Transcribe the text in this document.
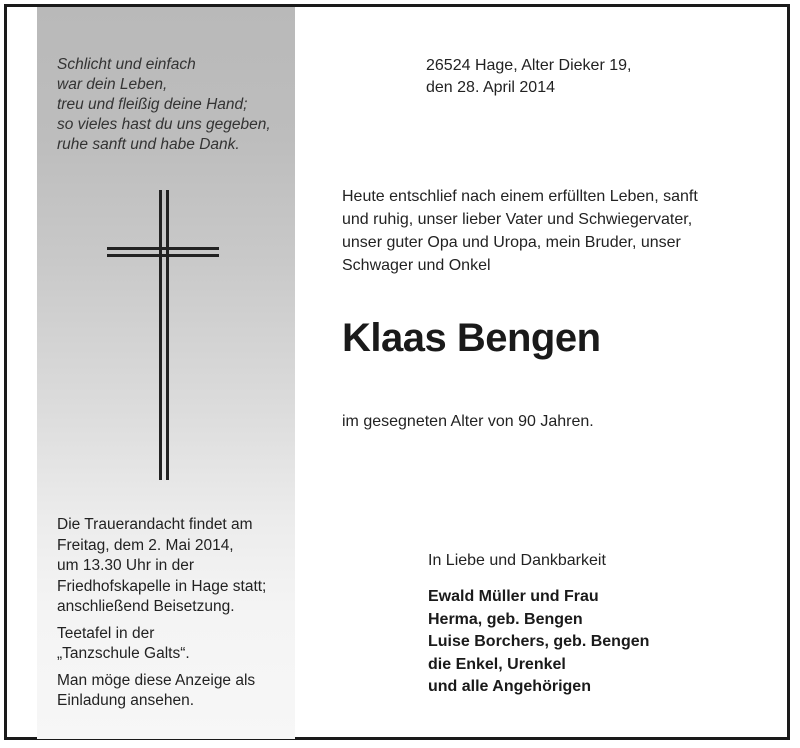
Schlicht und einfach
war dein Leben,
treu und fleißig deine Hand;
so vieles hast du uns gegeben,
ruhe sanft und habe Dank.
Die Trauerandacht findet am
Freitag, dem 2. Mai 2014,
um 13.30 Uhr in der
Friedhofskapelle in Hage statt;
anschließend Beisetzung.
Teetafel in der
„Tanzschule Galts“.
Man möge diese Anzeige als
Einladung ansehen.
26524 Hage, Alter Dieker 19,
den 28. April 2014
Heute entschlief nach einem erfüllten Leben, sanft
und ruhig, unser lieber Vater und Schwiegervater,
unser guter Opa und Uropa, mein Bruder, unser
Schwager und Onkel
Klaas Bengen
im gesegneten Alter von 90 Jahren.
In Liebe und Dankbarkeit
Ewald Müller und Frau
Herma, geb. Bengen
Luise Borchers, geb. Bengen
die Enkel, Urenkel
und alle Angehörigen
